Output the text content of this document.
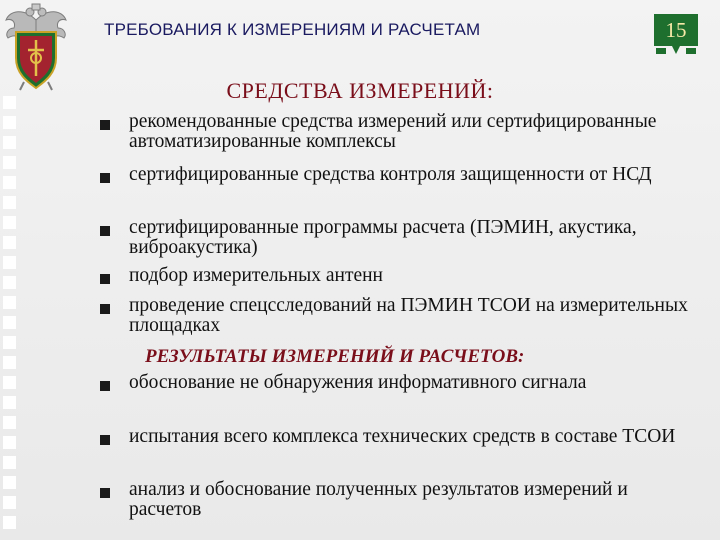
ТРЕБОВАНИЯ К ИЗМЕРЕНИЯМ И РАСЧЕТАМ	15
СРЕДСТВА ИЗМЕРЕНИЙ:
рекомендованные средства измерений или сертифицированные автоматизированные комплексы
сертифицированные средства контроля защищенности от НСД
сертифицированные программы расчета (ПЭМИН, акустика, виброакустика)
подбор измерительных антенн
проведение спецсследований на ПЭМИН ТСОИ на измерительных площадках
РЕЗУЛЬТАТЫ ИЗМЕРЕНИЙ И РАСЧЕТОВ:
обоснование не обнаружения информативного сигнала
испытания всего комплекса технических средств в составе ТСОИ
анализ и обоснование полученных результатов измерений и расчетов
